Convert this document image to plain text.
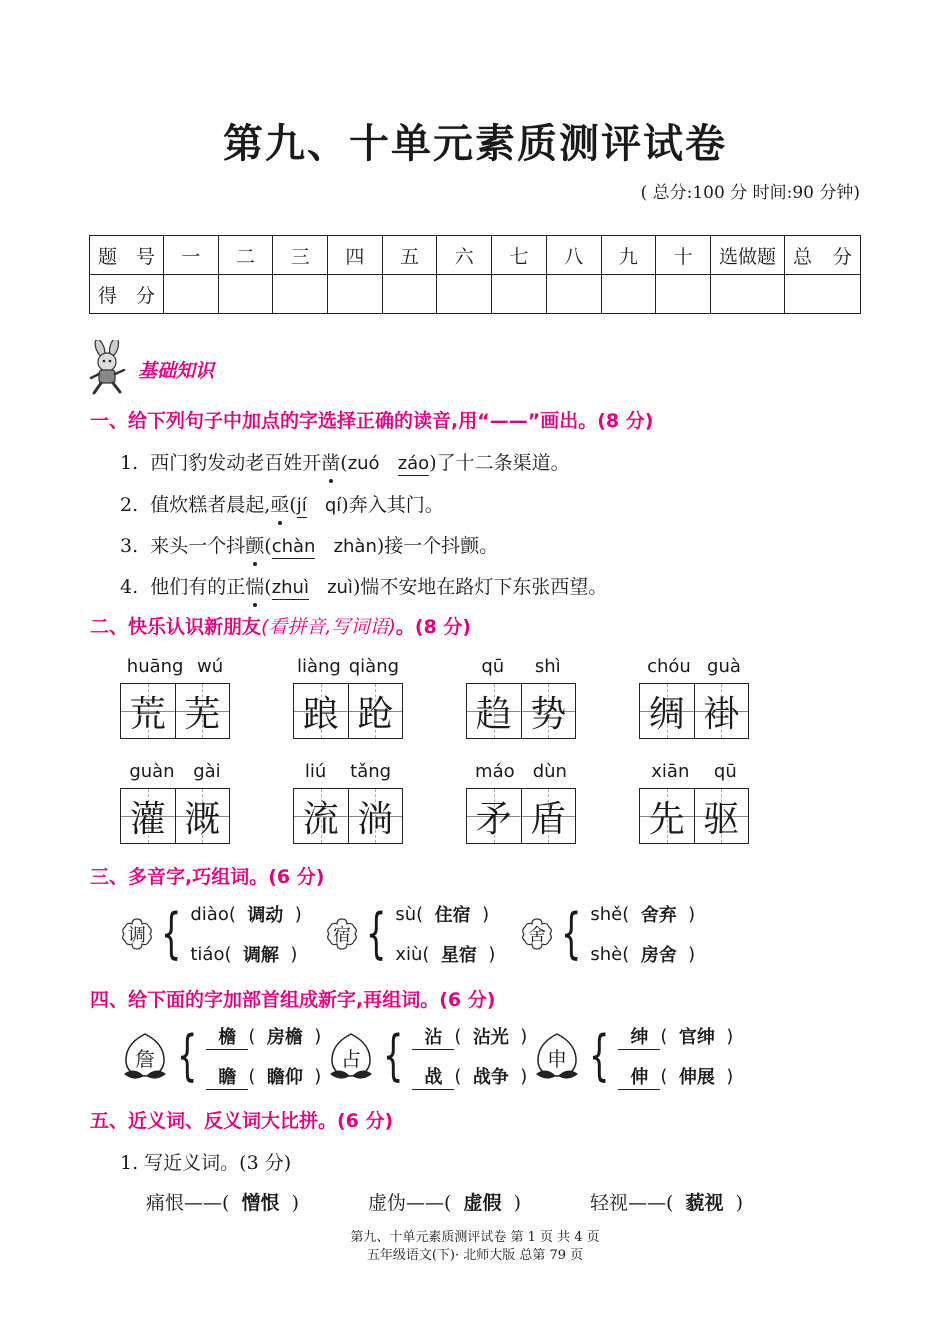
第九、十单元素质测评试卷
( 总分:100 分 时间:90 分钟)
题 号	一	二	三	四	五	六	七	八	九	十	选做题	总 分
得 分												
基础知识
一、给下列句子中加点的字选择正确的读音,用“——”画出。(8 分)
1. 西门豹发动老百姓开凿(zuó záo)了十二条渠道。
2. 值炊糕者晨起,亟(jí qí)奔入其门。
3. 来头一个抖颤(chàn zhàn)接一个抖颤。
4. 他们有的正惴(zhuì zuì)惴不安地在路灯下东张西望。
二、快乐认识新朋友(看拼音,写词语)。(8 分)
huāng wú
荒 芜
liàng qiàng
踉 跄
qū shì
趋 势
chóu guà
绸 褂
guàn gài
灌 溉
liú tǎng
流 淌
máo dùn
矛 盾
xiān qū
先 驱
三、多音字,巧组词。(6 分)
调 { diào(
调动
)
tiáo(
调解
)
宿 { sù(
住宿
)
xiù(
星宿
)
舍 { shě(
舍弃
)
shè(
房舍
)
四、给下面的字加部首组成新字,再组词。(6 分)
詹 {	檐 (
房檐
)
瞻 (
瞻仰
)
占 {	沾 (
沾光
)
战 (
战争
)
申 {	绅 (
官绅
)
伸 (
伸展
)
五、近义词、反义词大比拼。(6 分)
1. 写近义词。(3 分)
痛恨——( 憎恨 )	虚伪——( 虚假 )	轻视——( 藐视 )
第九、十单元素质测评试卷 第 1 页 共 4 页
五年级语文(下)· 北师大版 总第 79 页
